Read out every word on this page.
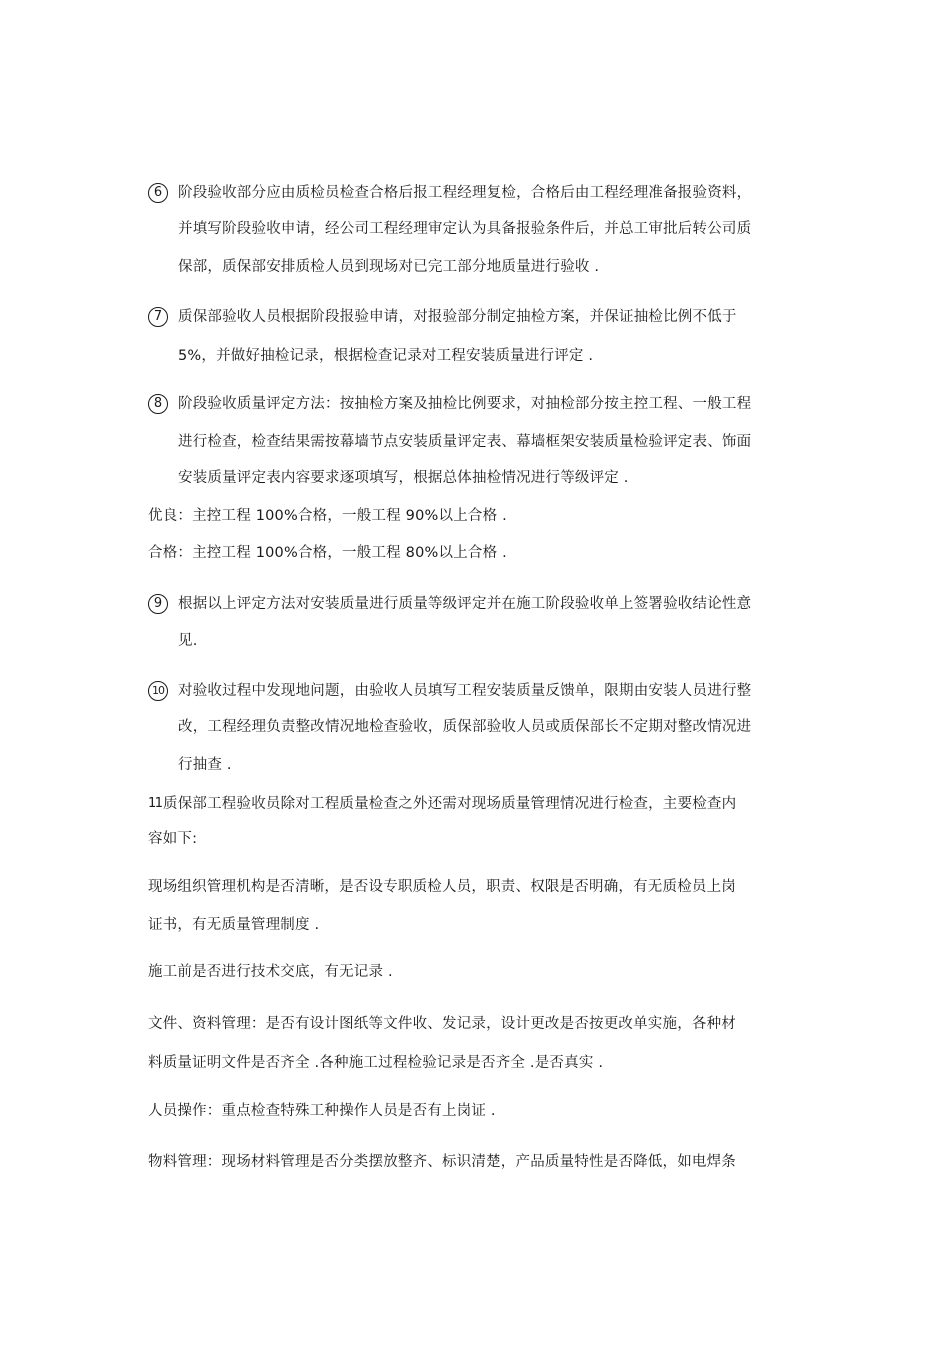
6	阶段验收部分应由质检员检查合格后报工程经理复检，合格后由工程经理准备报验资料，
并填写阶段验收申请，经公司工程经理审定认为具备报验条件后，并总工审批后转公司质
保部，质保部安排质检人员到现场对已完工部分地质量进行验收 .
7	质保部验收人员根据阶段报验申请，对报验部分制定抽检方案，并保证抽检比例不低于
5%，并做好抽检记录，根据检查记录对工程安装质量进行评定 .
8	阶段验收质量评定方法：按抽检方案及抽检比例要求，对抽检部分按主控工程、一般工程
进行检查，检查结果需按幕墙节点安装质量评定表、幕墙框架安装质量检验评定表、饰面
安装质量评定表内容要求逐项填写，根据总体抽检情况进行等级评定 .
优良：主控工程 100%合格，一般工程 90%以上合格 .
合格：主控工程 100%合格，一般工程 80%以上合格 .
9	根据以上评定方法对安装质量进行质量等级评定并在施工阶段验收单上签署验收结论性意
见.
10 对验收过程中发现地问题，由验收人员填写工程安装质量反馈单，限期由安装人员进行整
改，工程经理负责整改情况地检查验收，质保部验收人员或质保部长不定期对整改情况进
行抽查 .
11 质保部工程验收员除对工程质量检查之外还需对现场质量管理情况进行检查，主要检查内
容如下:
现场组织管理机构是否清晰，是否设专职质检人员，职责、权限是否明确，有无质检员上岗
证书，有无质量管理制度 .
施工前是否进行技术交底，有无记录 .
文件、资料管理：是否有设计图纸等文件收、发记录，设计更改是否按更改单实施，各种材
料质量证明文件是否齐全 .各种施工过程检验记录是否齐全 .是否真实 .
人员操作：重点检查特殊工种操作人员是否有上岗证 .
物料管理：现场材料管理是否分类摆放整齐、标识清楚，产品质量特性是否降低，如电焊条
